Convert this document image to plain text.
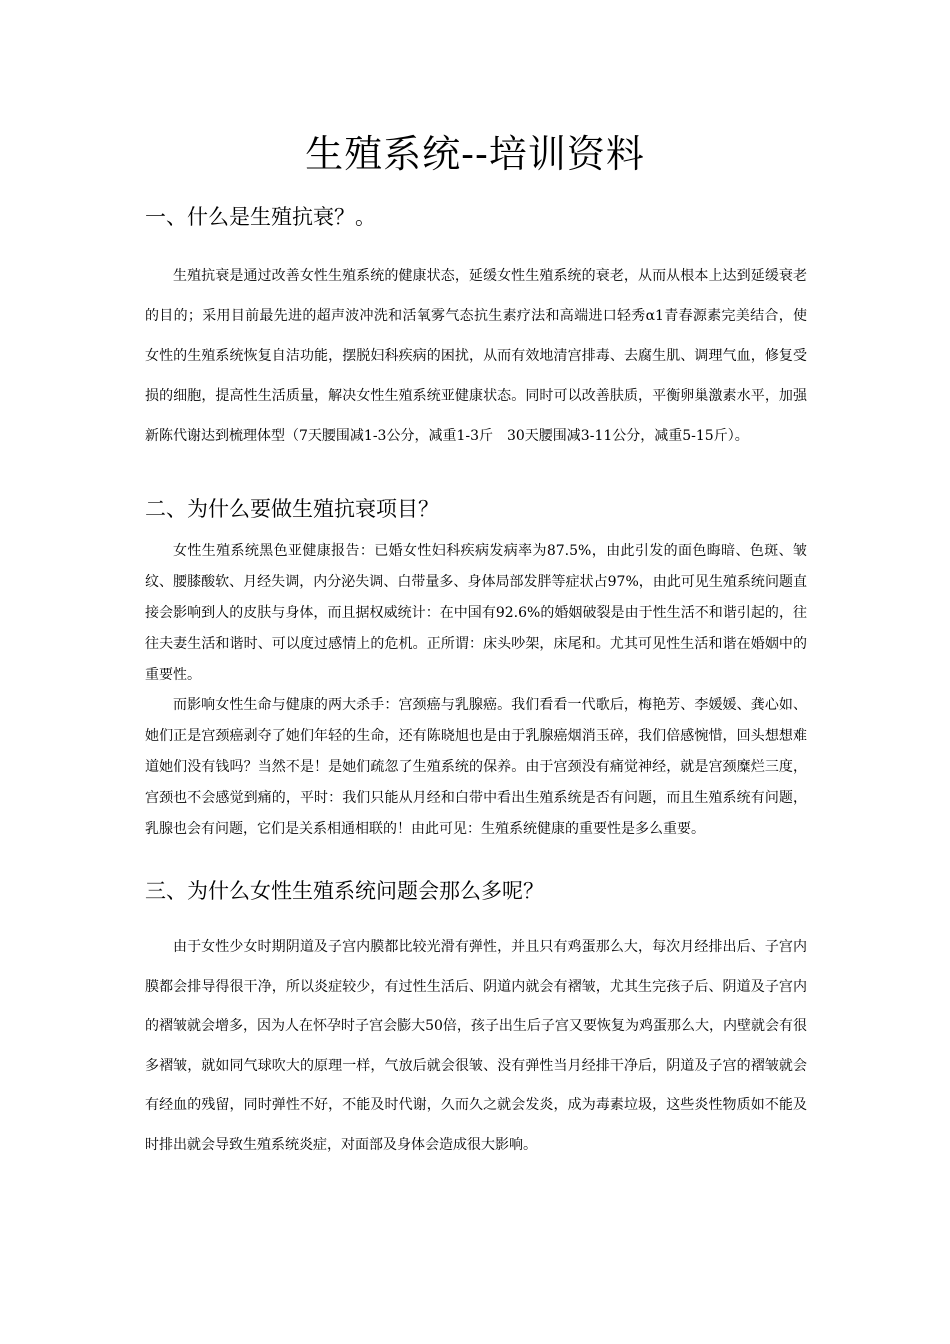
生殖系统--培训资料
一、什么是生殖抗衰？。

生殖抗衰是通过改善女性生殖系统的健康状态，延缓女性生殖系统的衰老，从而从根本上达到延缓衰老的目的；采用目前最先进的超声波冲洗和活氧雾气态抗生素疗法和高端进口轻秀α1青春源素完美结合，使女性的生殖系统恢复自洁功能，摆脱妇科疾病的困扰，从而有效地清宫排毒、去腐生肌、调理气血，修复受损的细胞，提高性生活质量，解决女性生殖系统亚健康状态。同时可以改善肤质，平衡卵巢激素水平，加强新陈代谢达到梳理体型（7天腰围减1-3公分，减重1-3斤　30天腰围减3-11公分，减重5-15斤）。

二、为什么要做生殖抗衰项目？

女性生殖系统黑色亚健康报告：已婚女性妇科疾病发病率为87.5%，由此引发的面色晦暗、色斑、皱纹、腰膝酸软、月经失调，内分泌失调、白带量多、身体局部发胖等症状占97%，由此可见生殖系统问题直接会影响到人的皮肤与身体，而且据权威统计：在中国有92.6%的婚姻破裂是由于性生活不和谐引起的，往往夫妻生活和谐时、可以度过感情上的危机。正所谓：床头吵架，床尾和。尤其可见性生活和谐在婚姻中的重要性。

而影响女性生命与健康的两大杀手：宫颈癌与乳腺癌。我们看看一代歌后，梅艳芳、李媛媛、龚心如、她们正是宫颈癌剥夺了她们年轻的生命，还有陈晓旭也是由于乳腺癌烟消玉碎，我们倍感惋惜，回头想想难道她们没有钱吗？当然不是！是她们疏忽了生殖系统的保养。由于宫颈没有痛觉神经，就是宫颈糜烂三度，宫颈也不会感觉到痛的，平时：我们只能从月经和白带中看出生殖系统是否有问题，而且生殖系统有问题，乳腺也会有问题，它们是关系相通相联的！由此可见：生殖系统健康的重要性是多么重要。

三、为什么女性生殖系统问题会那么多呢？

由于女性少女时期阴道及子宫内膜都比较光滑有弹性，并且只有鸡蛋那么大，每次月经排出后、子宫内膜都会排导得很干净，所以炎症较少，有过性生活后、阴道内就会有褶皱，尤其生完孩子后、阴道及子宫内的褶皱就会增多，因为人在怀孕时子宫会膨大50倍，孩子出生后子宫又要恢复为鸡蛋那么大，内壁就会有很多褶皱，就如同气球吹大的原理一样，气放后就会很皱、没有弹性当月经排干净后，阴道及子宫的褶皱就会有经血的残留，同时弹性不好，不能及时代谢，久而久之就会发炎，成为毒素垃圾，这些炎性物质如不能及时排出就会导致生殖系统炎症，对面部及身体会造成很大影响。
